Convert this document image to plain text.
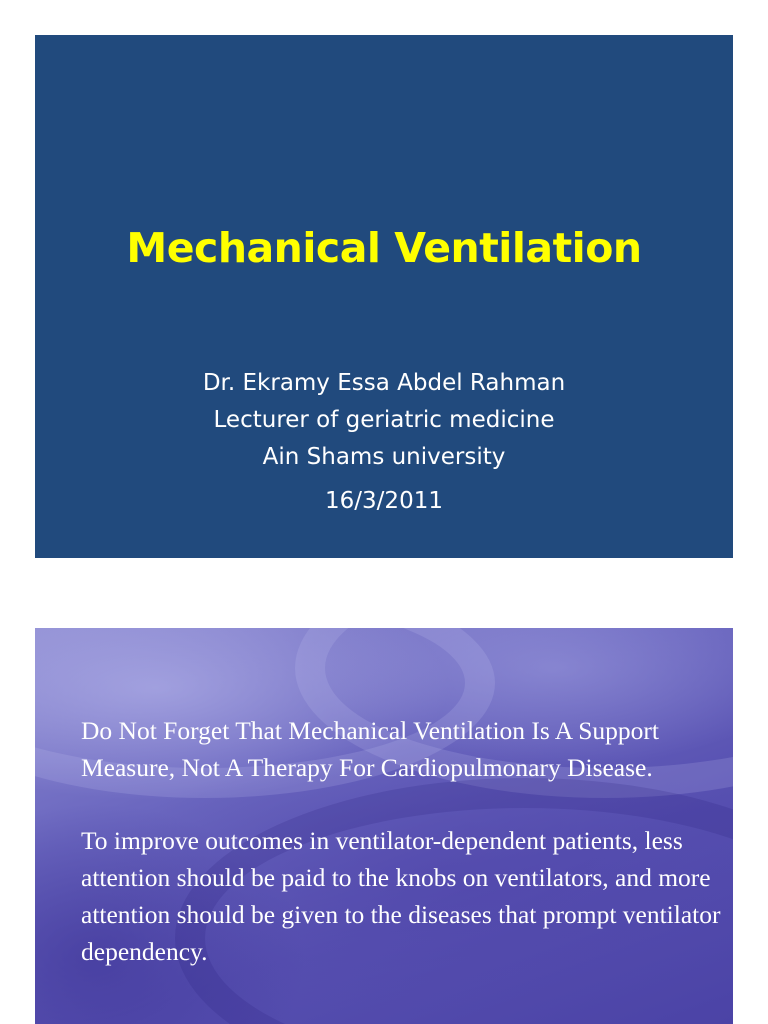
Mechanical Ventilation
Dr. Ekramy Essa Abdel Rahman
Lecturer of geriatric medicine
Ain Shams university
16/3/2011

Do Not Forget That Mechanical Ventilation Is A Support Measure, Not A Therapy For Cardiopulmonary Disease.

To improve outcomes in ventilator-dependent patients, less attention should be paid to the knobs on ventilators, and more attention should be given to the diseases that prompt ventilator dependency.
